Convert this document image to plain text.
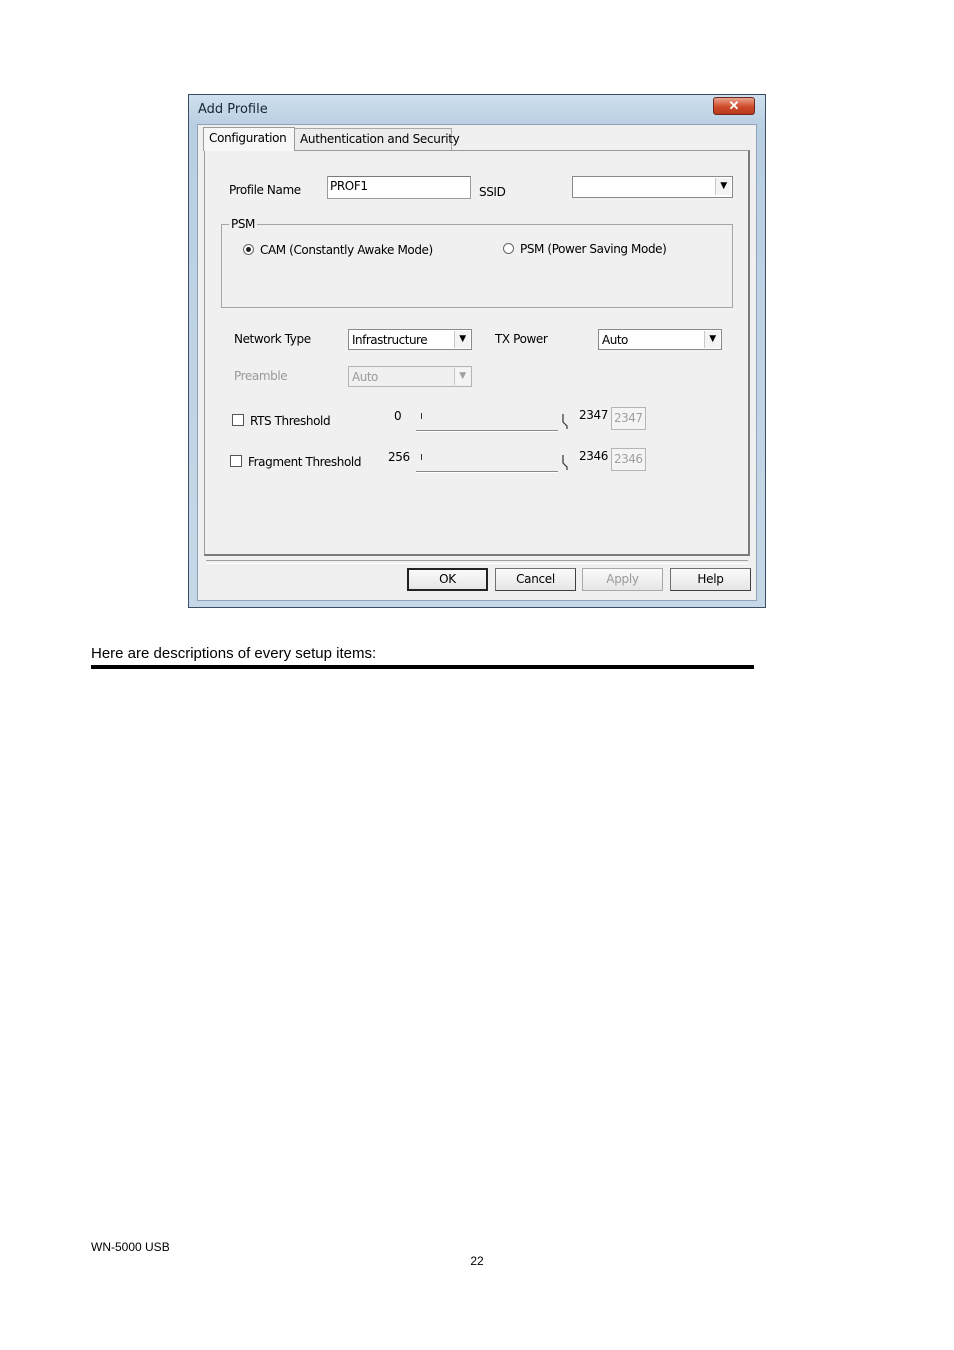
Add Profile	✕
Configuration	Authentication and Security
Profile Name PROF1	SSID	▼
PSM
CAM (Constantly Awake Mode)	PSM (Power Saving Mode)
Network Type	Infrastructure	▼	TX Power	Auto	▼
Preamble	Auto	▼
RTS Threshold	0	2347 2347
Fragment Threshold 256	2346 2346
OK	Cancel	Apply	Help
Here are descriptions of every setup items:
WN-5000 USB
22
